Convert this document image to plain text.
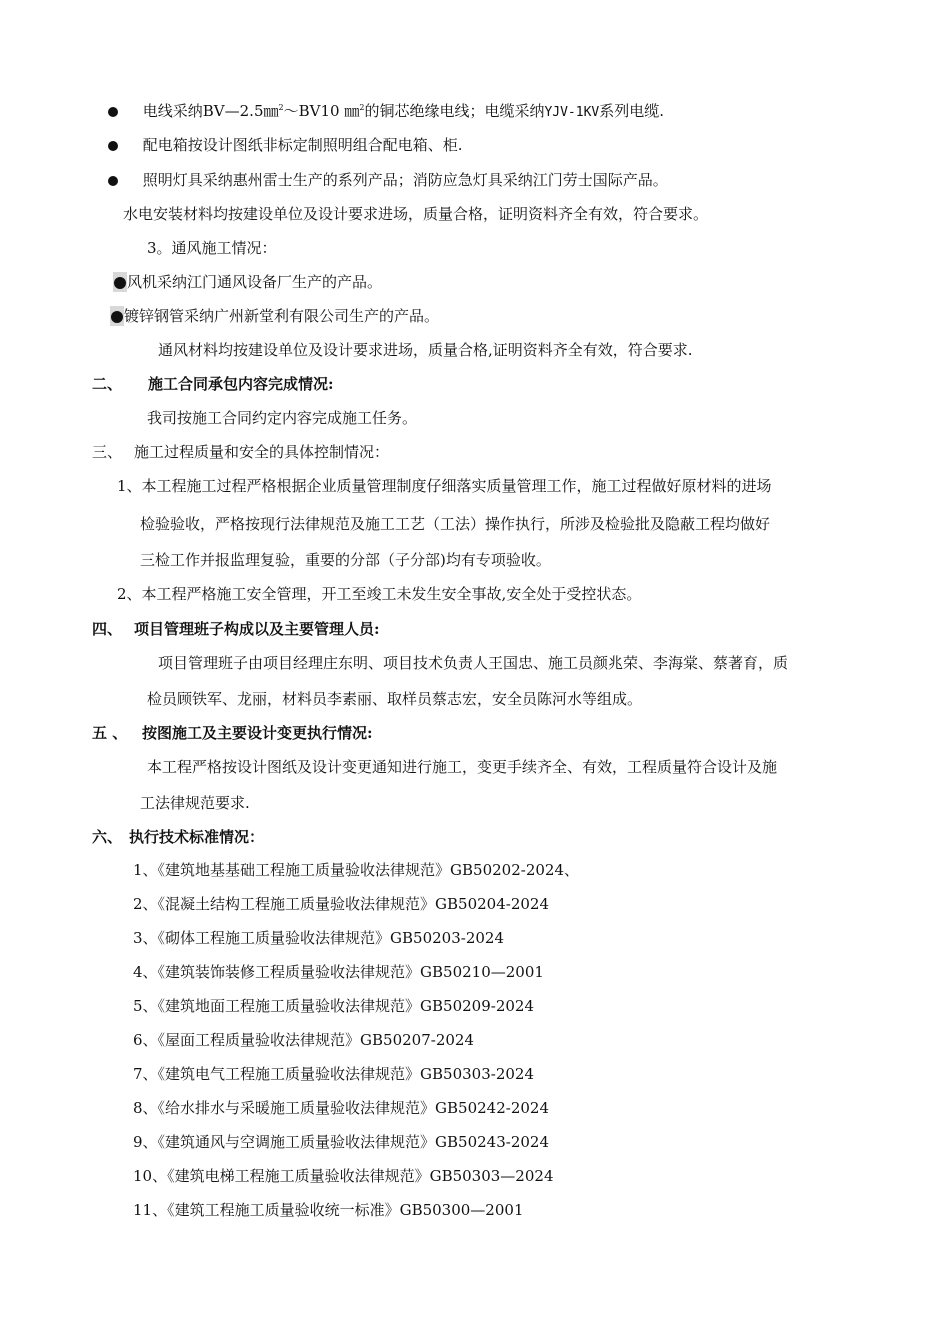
电线采纳BV—2.5㎜$^2$～BV10 ㎜$^2$的铜芯绝缘电线；电缆采纳YJV-1KV系列电缆.
配电箱按设计图纸非标定制照明组合配电箱、柜.
照明灯具采纳惠州雷士生产的系列产品；消防应急灯具采纳江门劳士国际产品。
水电安装材料均按建设单位及设计要求进场，质量合格，证明资料齐全有效，符合要求。
3。通风施工情况：
风机采纳江门通风设备厂生产的产品。
镀锌钢管采纳广州新堂利有限公司生产的产品。
通风材料均按建设单位及设计要求进场，质量合格,证明资料齐全有效，符合要求.
二、 施工合同承包内容完成情况:
我司按施工合同约定内容完成施工任务。
三、 施工过程质量和安全的具体控制情况：
1、本工程施工过程严格根据企业质量管理制度仔细落实质量管理工作，施工过程做好原材料的进场
检验验收，严格按现行法律规范及施工工艺（工法）操作执行，所涉及检验批及隐蔽工程均做好
三检工作并报监理复验，重要的分部（子分部)均有专项验收。
2、本工程严格施工安全管理，开工至竣工未发生安全事故,安全处于受控状态。
四、 项目管理班子构成以及主要管理人员:
项目管理班子由项目经理庄东明、项目技术负责人王国忠、施工员颜兆荣、李海棠、蔡著育，质
检员顾铁军、龙丽，材料员李素丽、取样员蔡志宏，安全员陈河水等组成。
五 、 按图施工及主要设计变更执行情况:
本工程严格按设计图纸及设计变更通知进行施工，变更手续齐全、有效，工程质量符合设计及施
工法律规范要求.
六、 执行技术标准情况：
1、《建筑地基基础工程施工质量验收法律规范》GB50202-2024、
2、《混凝土结构工程施工质量验收法律规范》GB50204-2024
3、《砌体工程施工质量验收法律规范》GB50203-2024
4、《建筑装饰装修工程质量验收法律规范》GB50210—2001
5、《建筑地面工程施工质量验收法律规范》GB50209-2024
6、《屋面工程质量验收法律规范》GB50207-2024
7、《建筑电气工程施工质量验收法律规范》GB50303-2024
8、《给水排水与采暖施工质量验收法律规范》GB50242-2024
9、《建筑通风与空调施工质量验收法律规范》GB50243-2024
10、《建筑电梯工程施工质量验收法律规范》GB50303—2024
11、《建筑工程施工质量验收统一标准》GB50300—2001
